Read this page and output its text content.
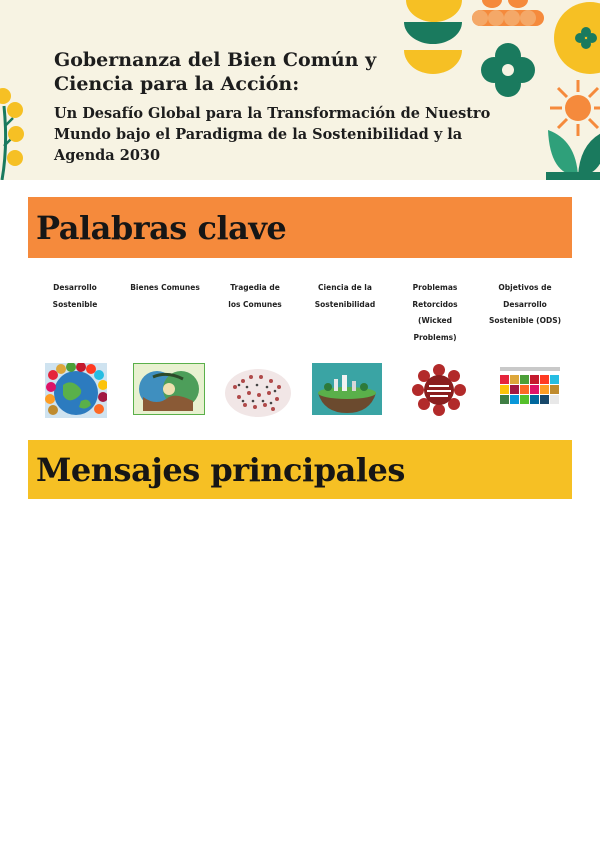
Gobernanza del Bien Común y
Ciencia para la Acción:
Un Desafío Global para la Transformación de Nuestro
Mundo bajo el Paradigma de la Sostenibilidad y la
Agenda 2030
Palabras clave
Desarrollo
Sostenible
Bienes Comunes	Tragedia de
los Comunes
Ciencia de la
Sostenibilidad
Problemas
Retorcidos
(Wicked
Problems)
Objetivos de
Desarrollo
Sostenible (ODS)
Mensajes principales
